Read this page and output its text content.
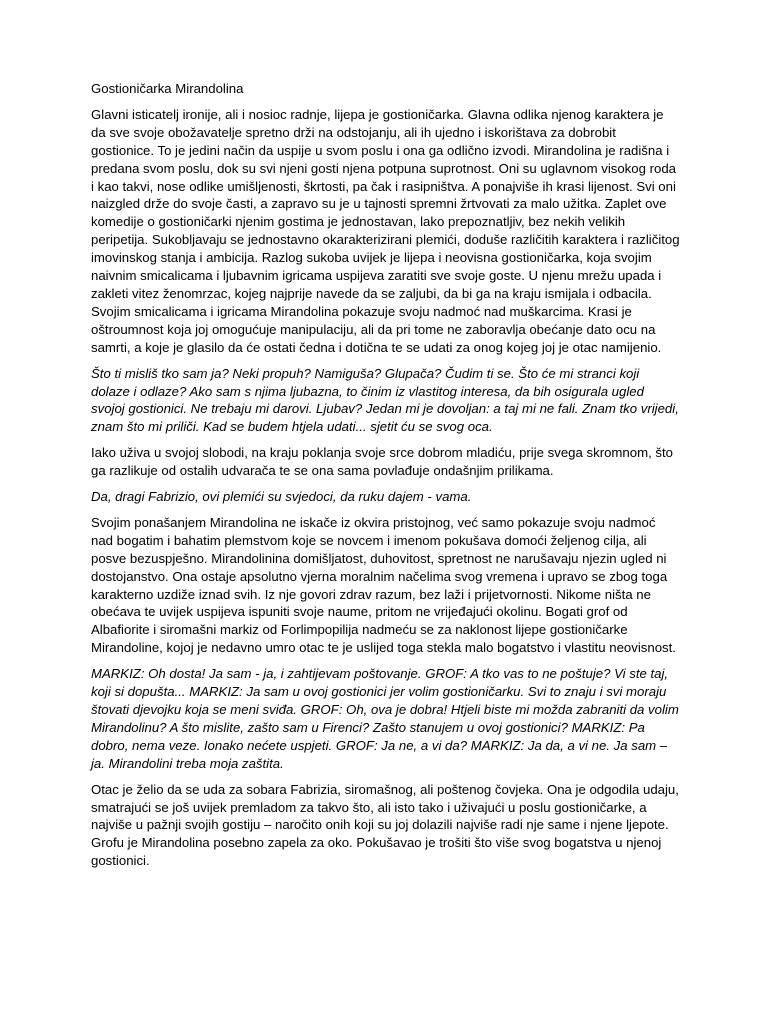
Gostioničarka Mirandolina

Glavni isticatelj ironije, ali i nosioc radnje, lijepa je gostioničarka. Glavna odlika njenog karaktera je da sve svoje obožavatelje spretno drži na odstojanju, ali ih ujedno i iskorištava za dobrobit gostionice. To je jedini način da uspije u svom poslu i ona ga odlično izvodi. Mirandolina je radišna i predana svom poslu, dok su svi njeni gosti njena potpuna suprotnost. Oni su uglavnom visokog roda i kao takvi, nose odlike umišljenosti, škrtosti, pa čak i rasipništva. A ponajviše ih krasi lijenost. Svi oni naizgled drže do svoje časti, a zapravo su je u tajnosti spremni žrtvovati za malo užitka. Zaplet ove komedije o gostioničarki njenim gostima je jednostavan, lako prepoznatljiv, bez nekih velikih peripetija. Sukobljavaju se jednostavno okarakterizirani plemići, doduše različitih karaktera i različitog imovinskog stanja i ambicija. Razlog sukoba uvijek je lijepa i neovisna gostioničarka, koja svojim naivnim smicalicama i ljubavnim igricama uspijeva zaratiti sve svoje goste. U njenu mrežu upada i zakleti vitez ženomrzac, kojeg najprije navede da se zaljubi, da bi ga na kraju ismijala i odbacila. Svojim smicalicama i igricama Mirandolina pokazuje svoju nadmoć nad muškarcima. Krasi je oštroumnost koja joj omogućuje manipulaciju, ali da pri tome ne zaboravlja obećanje dato ocu na samrti, a koje je glasilo da će ostati čedna i dotična te se udati za onog kojeg joj je otac namijenio.

Što ti misliš tko sam ja? Neki propuh? Namiguša? Glupača? Čudim ti se. Što će mi stranci koji dolaze i odlaze? Ako sam s njima ljubazna, to činim iz vlastitog interesa, da bih osigurala ugled svojoj gostionici. Ne trebaju mi darovi. Ljubav? Jedan mi je dovoljan: a taj mi ne fali. Znam tko vrijedi, znam što mi priliči. Kad se budem htjela udati... sjetit ću se svog oca.

Iako uživa u svojoj slobodi, na kraju poklanja svoje srce dobrom mladiću, prije svega skromnom, što ga razlikuje od ostalih udvarača te se ona sama povlađuje ondašnjim prilikama.

Da, dragi Fabrizio, ovi plemići su svjedoci, da ruku dajem - vama.

Svojim ponašanjem Mirandolina ne iskače iz okvira pristojnog, već samo pokazuje svoju nadmoć nad bogatim i bahatim plemstvom koje se novcem i imenom pokušava domoći željenog cilja, ali posve bezuspješno. Mirandolinina domišljatost, duhovitost, spretnost ne narušavaju njezin ugled ni dostojanstvo. Ona ostaje apsolutno vjerna moralnim načelima svog vremena i upravo se zbog toga karakterno uzdiže iznad svih. Iz nje govori zdrav razum, bez laži i prijetvornosti. Nikome ništa ne obećava te uvijek uspijeva ispuniti svoje naume, pritom ne vrijeđajući okolinu. Bogati grof od Albafiorite i siromašni markiz od Forlimpopilija nadmeću se za naklonost lijepe gostioničarke Mirandoline, kojoj je nedavno umro otac te je uslijed toga stekla malo bogatstvo i vlastitu neovisnost.

MARKIZ: Oh dosta! Ja sam - ja, i zahtijevam poštovanje. GROF: A tko vas to ne poštuje? Vi ste taj, koji si dopušta... MARKIZ: Ja sam u ovoj gostionici jer volim gostioničarku. Svi to znaju i svi moraju štovati djevojku koja se meni sviđa. GROF: Oh, ova je dobra! Htjeli biste mi možda zabraniti da volim Mirandolinu? A što mislite, zašto sam u Firenci? Zašto stanujem u ovoj gostionici? MARKIZ: Pa dobro, nema veze. Ionako nećete uspjeti. GROF: Ja ne, a vi da? MARKIZ: Ja da, a vi ne. Ja sam – ja. Mirandolini treba moja zaštita.

Otac je želio da se uda za sobara Fabrizia, siromašnog, ali poštenog čovjeka. Ona je odgodila udaju, smatrajući se još uvijek premladom za takvo što, ali isto tako i uživajući u poslu gostioničarke, a najviše u pažnji svojih gostiju – naročito onih koji su joj dolazili najviše radi nje same i njene ljepote. Grofu je Mirandolina posebno zapela za oko. Pokušavao je trošiti što više svog bogatstva u njenoj gostionici.
